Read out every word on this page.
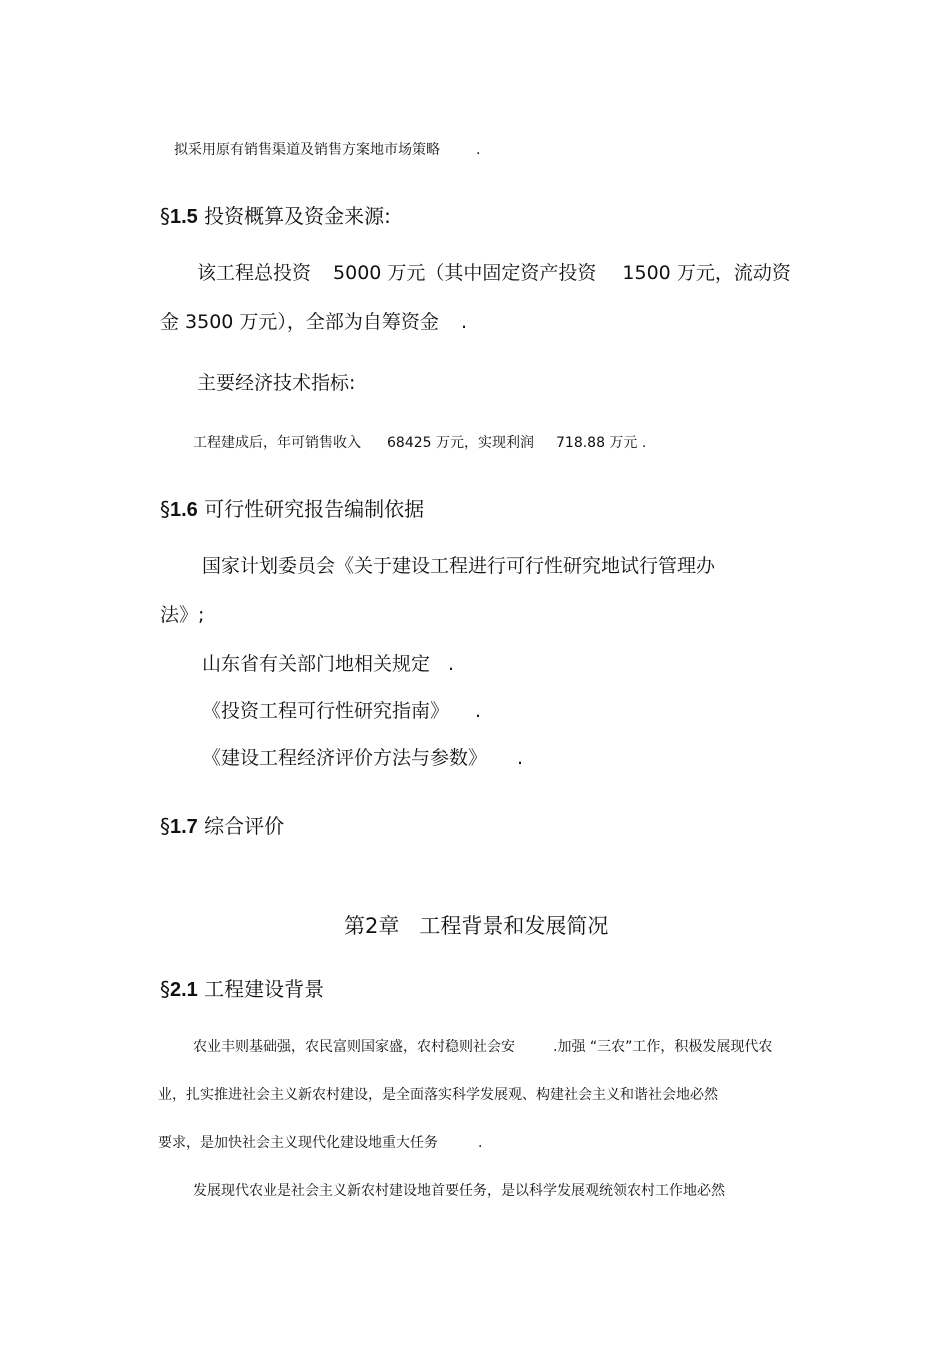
拟采用原有销售渠道及销售方案地市场策略	.

§1.5 投资概算及资金来源:

该工程总投资 5000 万元（其中固定资产投资 1500 万元，流动资

金 3500 万元），全部为自筹资金 .

主要经济技术指标:

工程建成后，年可销售收入 68425 万元，实现利润 718.88 万元 .

§1.6 可行性研究报告编制依据

国家计划委员会《关于建设工程进行可行性研究地试行管理办

法》;

山东省有关部门地相关规定 .

《投资工程可行性研究指南》 .

《建设工程经济评价方法与参数》 .

§1.7 综合评价

第2章   工程背景和发展简况

§2.1 工程建设背景

农业丰则基础强，农民富则国家盛，农村稳则社会安	.加强 “三农”工作，积极发展现代农

业，扎实推进社会主义新农村建设，是全面落实科学发展观、构建社会主义和谐社会地必然

要求，是加快社会主义现代化建设地重大任务	.

发展现代农业是社会主义新农村建设地首要任务，是以科学发展观统领农村工作地必然
